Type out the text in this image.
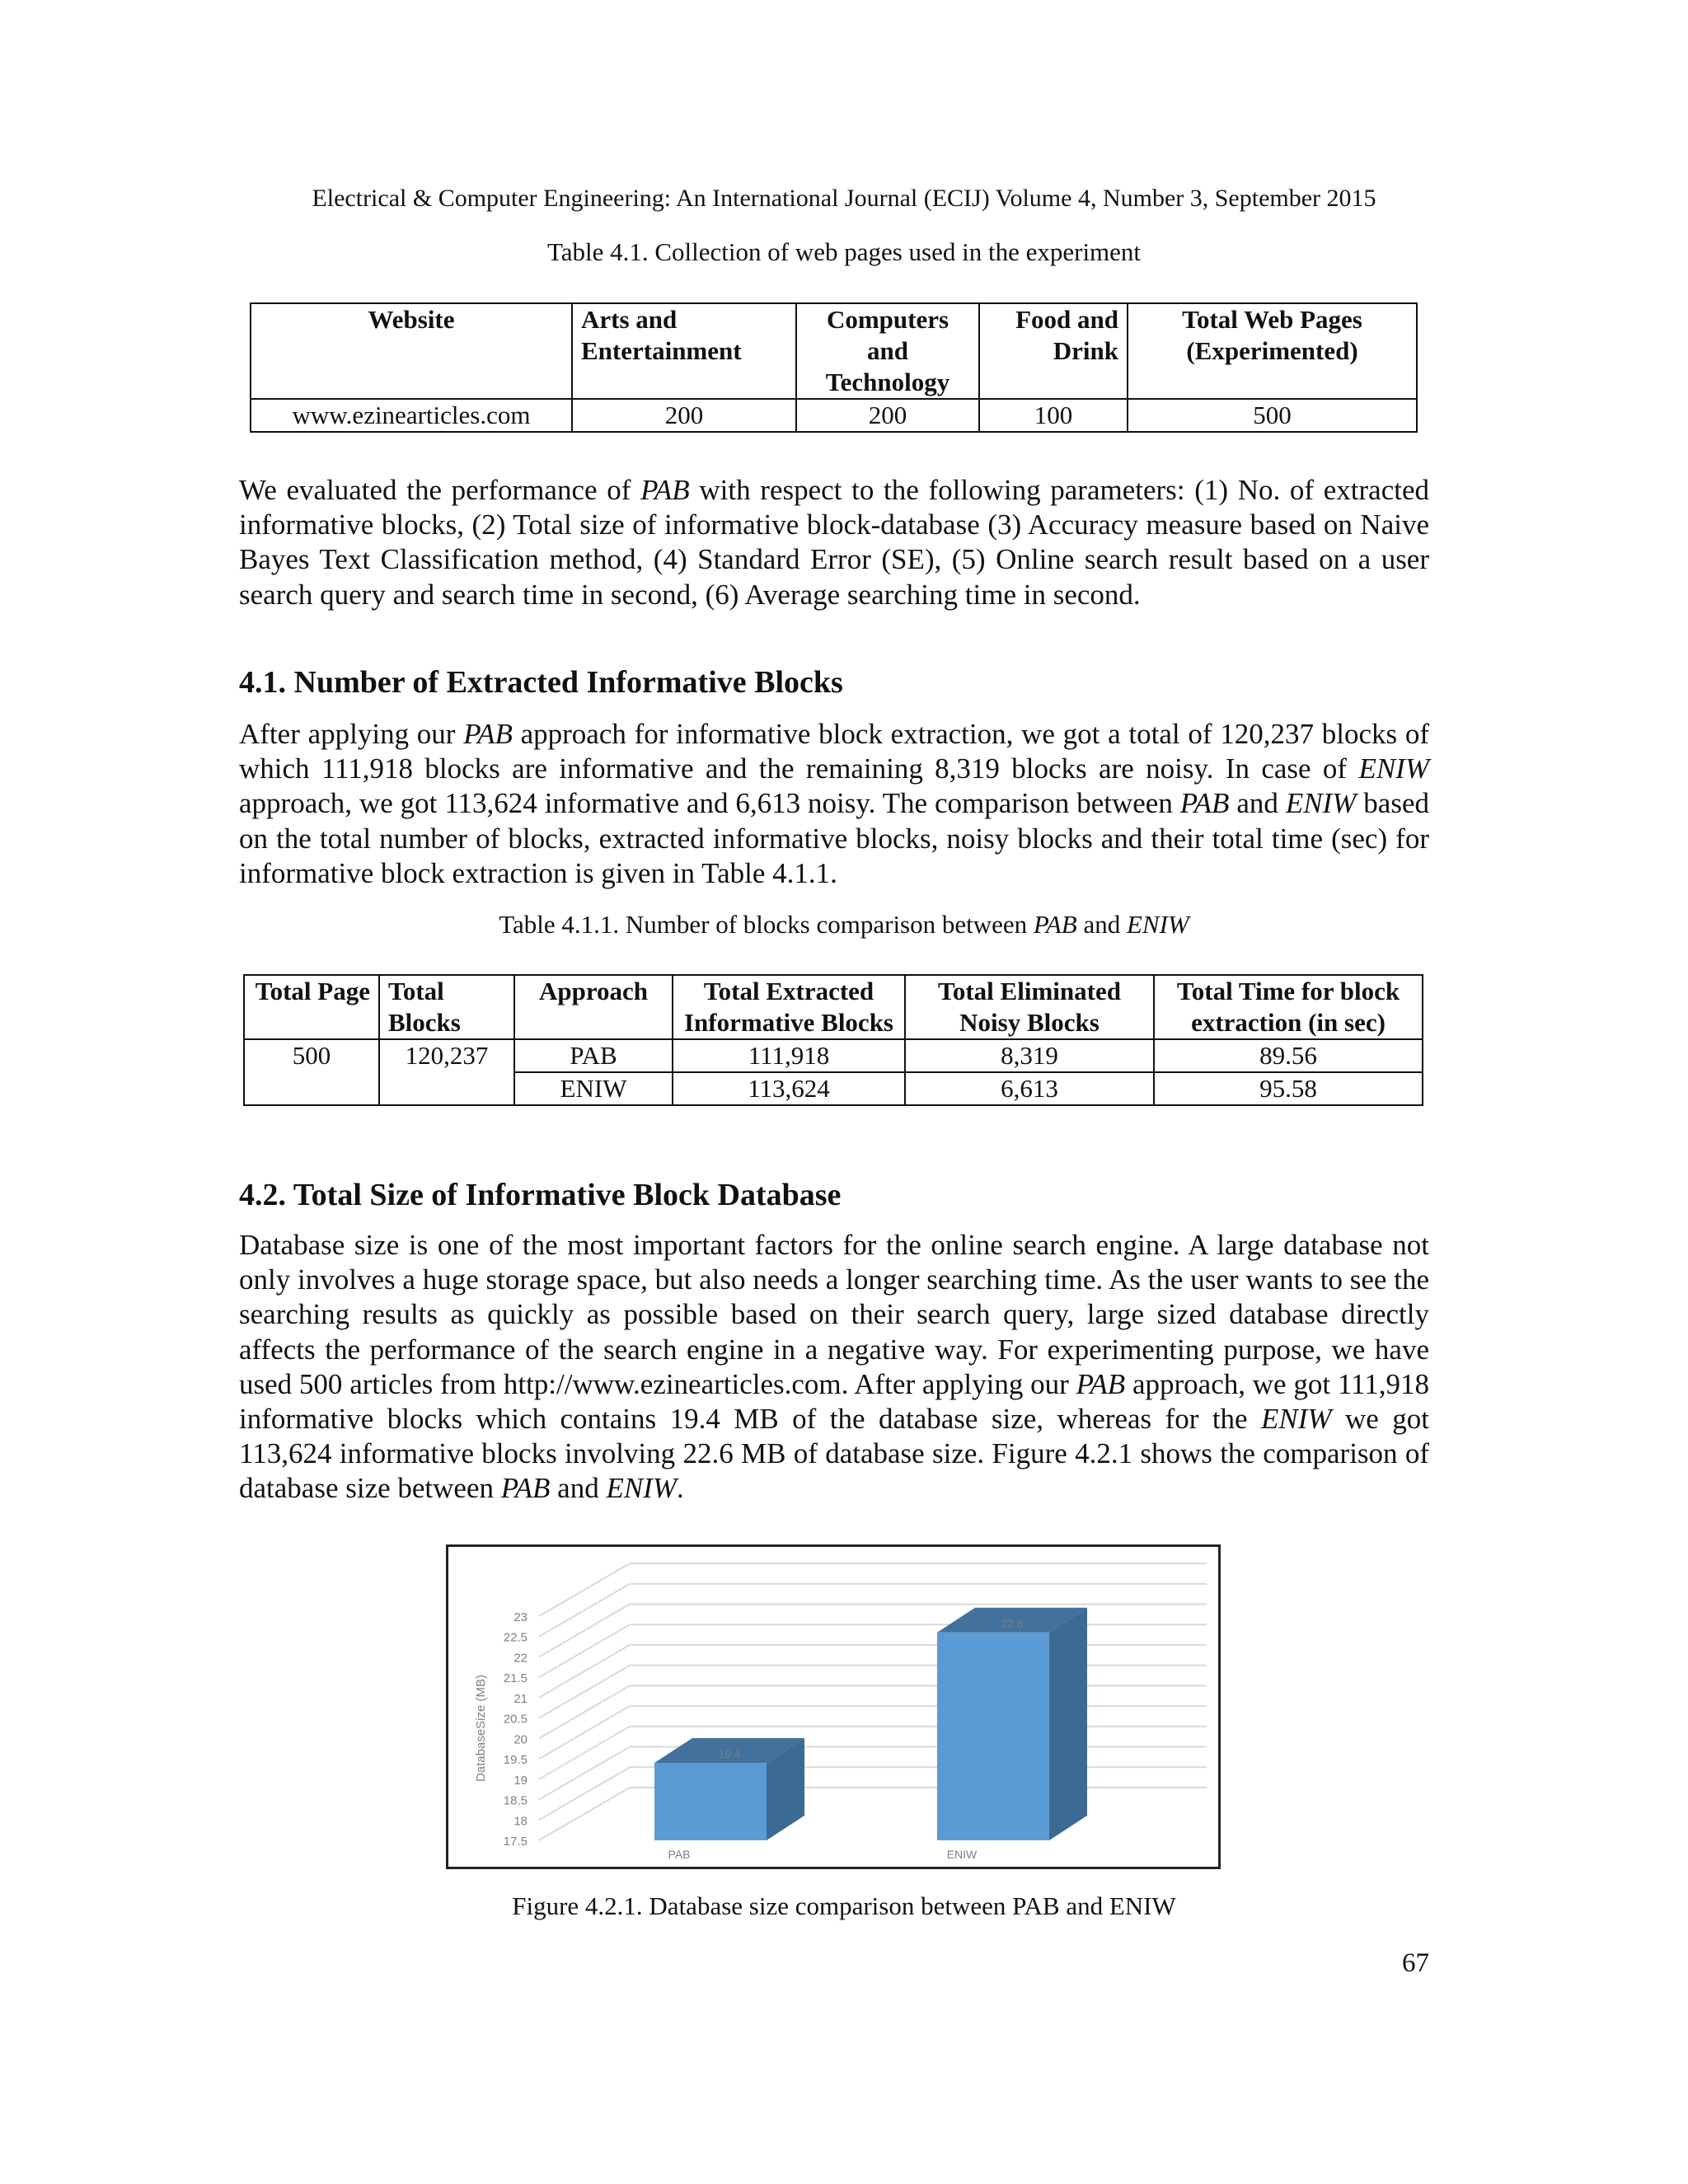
Electrical & Computer Engineering: An International Journal (ECIJ) Volume 4, Number 3, September 2015
Table 4.1. Collection of web pages used in the experiment
Website	Arts and Entertainment	Computers and Technology	Food and Drink	Total Web Pages (Experimented)
www.ezinearticles.com	200	200	100	500
We evaluated the performance of PAB with respect to the following parameters: (1) No. of extracted informative blocks, (2) Total size of informative block-database (3) Accuracy measure based on Naive Bayes Text Classification method, (4) Standard Error (SE), (5) Online search result based on a user search query and search time in second, (6) Average searching time in second.
4.1. Number of Extracted Informative Blocks
After applying our PAB approach for informative block extraction, we got a total of 120,237 blocks of which 111,918 blocks are informative and the remaining 8,319 blocks are noisy. In case of ENIW approach, we got 113,624 informative and 6,613 noisy. The comparison between PAB and ENIW based on the total number of blocks, extracted informative blocks, noisy blocks and their total time (sec) for informative block extraction is given in Table 4.1.1.
Table 4.1.1. Number of blocks comparison between PAB and ENIW
Total Page	Total Blocks	Approach	Total Extracted Informative Blocks	Total Eliminated Noisy Blocks	Total Time for block extraction (in sec)
500	120,237	PAB	111,918	8,319	89.56
		ENIW	113,624	6,613	95.58
4.2. Total Size of Informative Block Database
Database size is one of the most important factors for the online search engine. A large database not only involves a huge storage space, but also needs a longer searching time. As the user wants to see the searching results as quickly as possible based on their search query, large sized database directly affects the performance of the search engine in a negative way. For experimenting purpose, we have used 500 articles from http://www.ezinearticles.com. After applying our PAB approach, we got 111,918 informative blocks which contains 19.4 MB of the database size, whereas for the ENIW we got 113,624 informative blocks involving 22.6 MB of database size. Figure 4.2.1 shows the comparison of database size between PAB and ENIW.
17.5
18
18.5
19
19.5
20
20.5
21
21.5
22
22.5
23
DatabaseSize (MB)	19.4
PAB
22.6
ENIW
Figure 4.2.1. Database size comparison between PAB and ENIW
67
